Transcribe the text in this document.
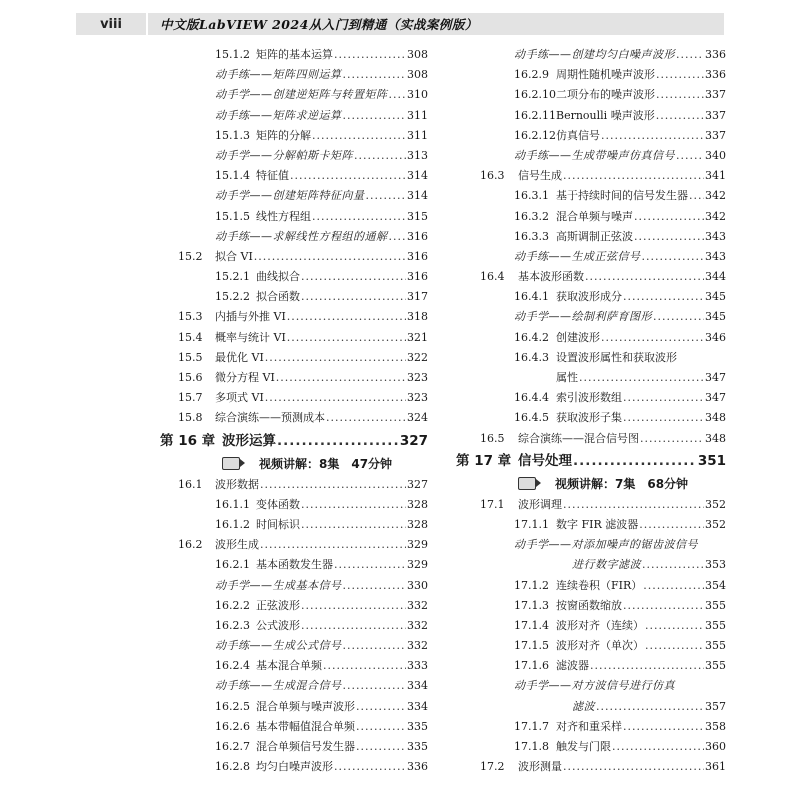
viii	中文版LabVIEW 2024从入门到精通（实战案例版）
15.1.2 矩阵的基本运算 .....	308
动手练——矩阵四则运算 .....	308
动手学——创建逆矩阵与转置矩阵 ..... 310
动手练——矩阵求逆运算 .....	311
15.1.3 矩阵的分解 .....	311
动手学——分解帕斯卡矩阵 .....	313
15.1.4 特征值 .....	314
动手学——创建矩阵特征向量 .....	314
15.1.5 线性方程组 .....	315
动手练——求解线性方程组的通解 ..... 316
15.2 拟合 VI .....	316
15.2.1 曲线拟合 .....	316
15.2.2 拟合函数 .....	317
15.3 内插与外推 VI .....	318
15.4 概率与统计 VI .....	321
15.5 最优化 VI .....	322
15.6 微分方程 VI .....	323
15.7 多项式 VI .....	323
15.8 综合演练——预测成本 .....	324
第 16 章 波形运算 .....	327
视频讲解：8集 47分钟
16.1 波形数据 .....	327
16.1.1 变体函数 .....	328
16.1.2 时间标识 .....	328
16.2 波形生成 .....	329
16.2.1 基本函数发生器 .....	329
动手学——生成基本信号 .....	330
16.2.2 正弦波形 .....	332
16.2.3 公式波形 .....	332
动手练——生成公式信号 .....	332
16.2.4 基本混合单频 .....	333
动手练——生成混合信号 .....	334
16.2.5 混合单频与噪声波形 .....	334
16.2.6 基本带幅值混合单频 .....	335
16.2.7 混合单频信号发生器 .....	335
16.2.8 均匀白噪声波形 .....	336
动手练——创建均匀白噪声波形 .....	336
16.2.9 周期性随机噪声波形 .....	336
16.2.10 二项分布的噪声波形 .....	337
16.2.11 Bernoulli 噪声波形 .....	337
16.2.12 仿真信号 .....	337
动手练——生成带噪声仿真信号 .....	340
16.3 信号生成 .....	341
16.3.1 基于持续时间的信号发生器 ..... 342
16.3.2 混合单频与噪声 .....	342
16.3.3 高斯调制正弦波 .....	343
动手练——生成正弦信号 .....	343
16.4 基本波形函数 .....	344
16.4.1 获取波形成分 .....	345
动手学——绘制利萨育图形 .....	345
16.4.2 创建波形 .....	346
16.4.3 设置波形属性和获取波形
属性 .....	347
16.4.4 索引波形数组 .....	347
16.4.5 获取波形子集 .....	348
16.5 综合演练——混合信号图 .....	348
第 17 章 信号处理 .....	351
视频讲解：7集 68分钟
17.1 波形调理 .....	352
17.1.1 数字 FIR 滤波器 .....	352
动手学——对添加噪声的锯齿波信号
进行数字滤波 .....	353
17.1.2 连续卷积（FIR） .....	354
17.1.3 按窗函数缩放 .....	355
17.1.4 波形对齐（连续） .....	355
17.1.5 波形对齐（单次） .....	355
17.1.6 滤波器 .....	355
动手学——对方波信号进行仿真
滤波 .....	357
17.1.7 对齐和重采样 .....	358
17.1.8 触发与门限 .....	360
17.2 波形测量 .....	361
